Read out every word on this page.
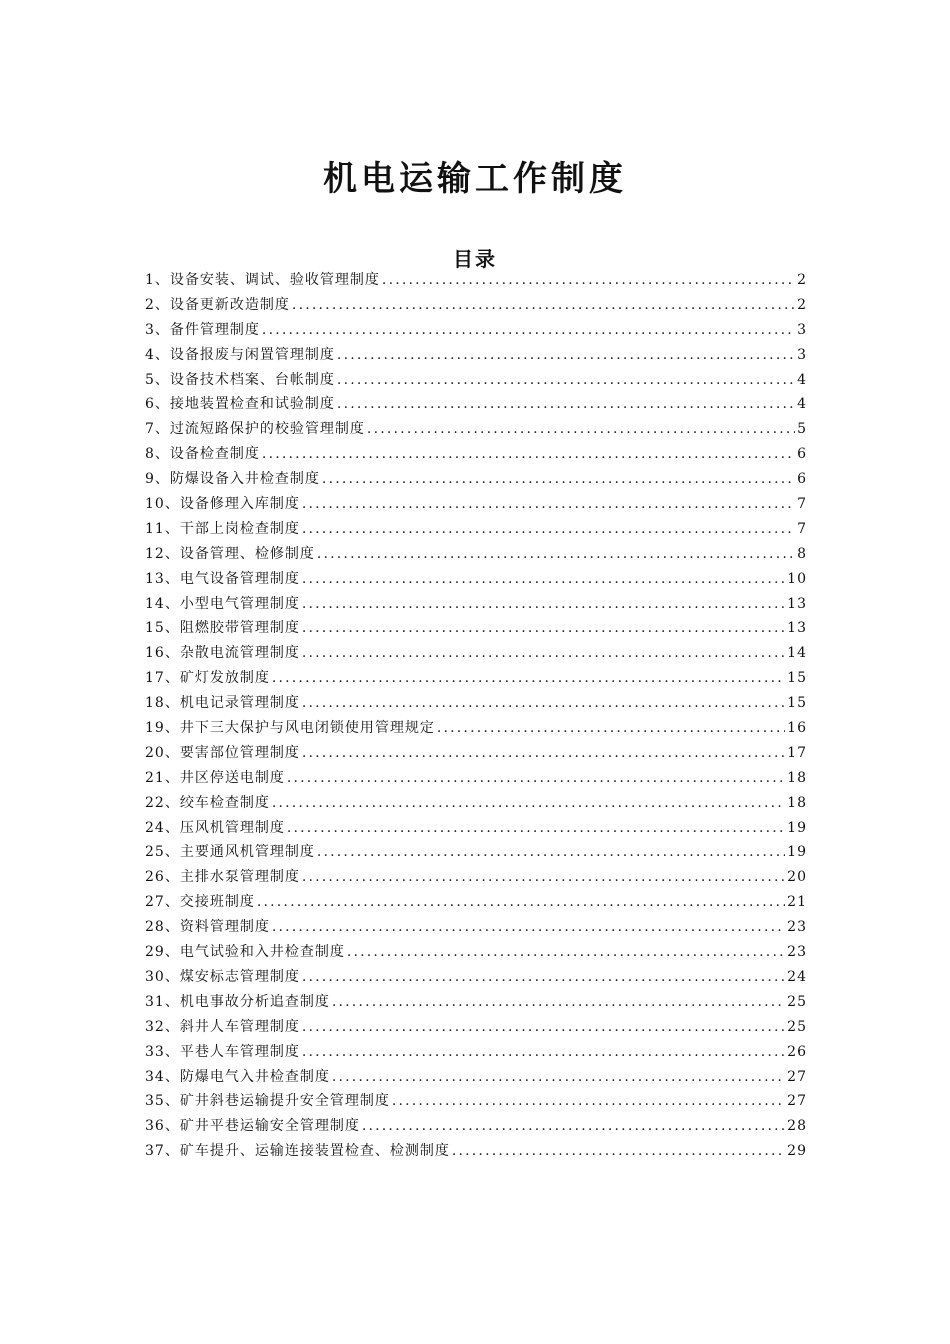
机电运输工作制度
目录
1、设备安装、调试、验收管理制度 .....	2
2、设备更新改造制度 .....	2
3、备件管理制度 .....	3
4、设备报废与闲置管理制度 .....	3
5、设备技术档案、台帐制度 .....	4
6、接地装置检查和试验制度 .....	4
7、过流短路保护的校验管理制度 .....	5
8、设备检查制度 .....	6
9、防爆设备入井检查制度 .....	6
10、设备修理入库制度 .....	7
11、干部上岗检查制度 .....	7
12、设备管理、检修制度 .....	8
13、电气设备管理制度 .....	10
14、小型电气管理制度 .....	13
15、阻燃胶带管理制度 .....	13
16、杂散电流管理制度 .....	14
17、矿灯发放制度 .....	15
18、机电记录管理制度 .....	15
19、井下三大保护与风电闭锁使用管理规定 .....	16
20、要害部位管理制度 .....	17
21、井区停送电制度 .....	18
22、绞车检查制度 .....	18
24、压风机管理制度 .....	19
25、主要通风机管理制度 .....	19
26、主排水泵管理制度 .....	20
27、交接班制度 .....	21
28、资料管理制度 .....	23
29、电气试验和入井检查制度 .....	23
30、煤安标志管理制度 .....	24
31、机电事故分析追查制度 .....	25
32、斜井人车管理制度 .....	25
33、平巷人车管理制度 .....	26
34、防爆电气入井检查制度 .....	27
35、矿井斜巷运输提升安全管理制度 .....	27
36、矿井平巷运输安全管理制度 .....	28
37、矿车提升、运输连接装置检查、检测制度 .....	29
